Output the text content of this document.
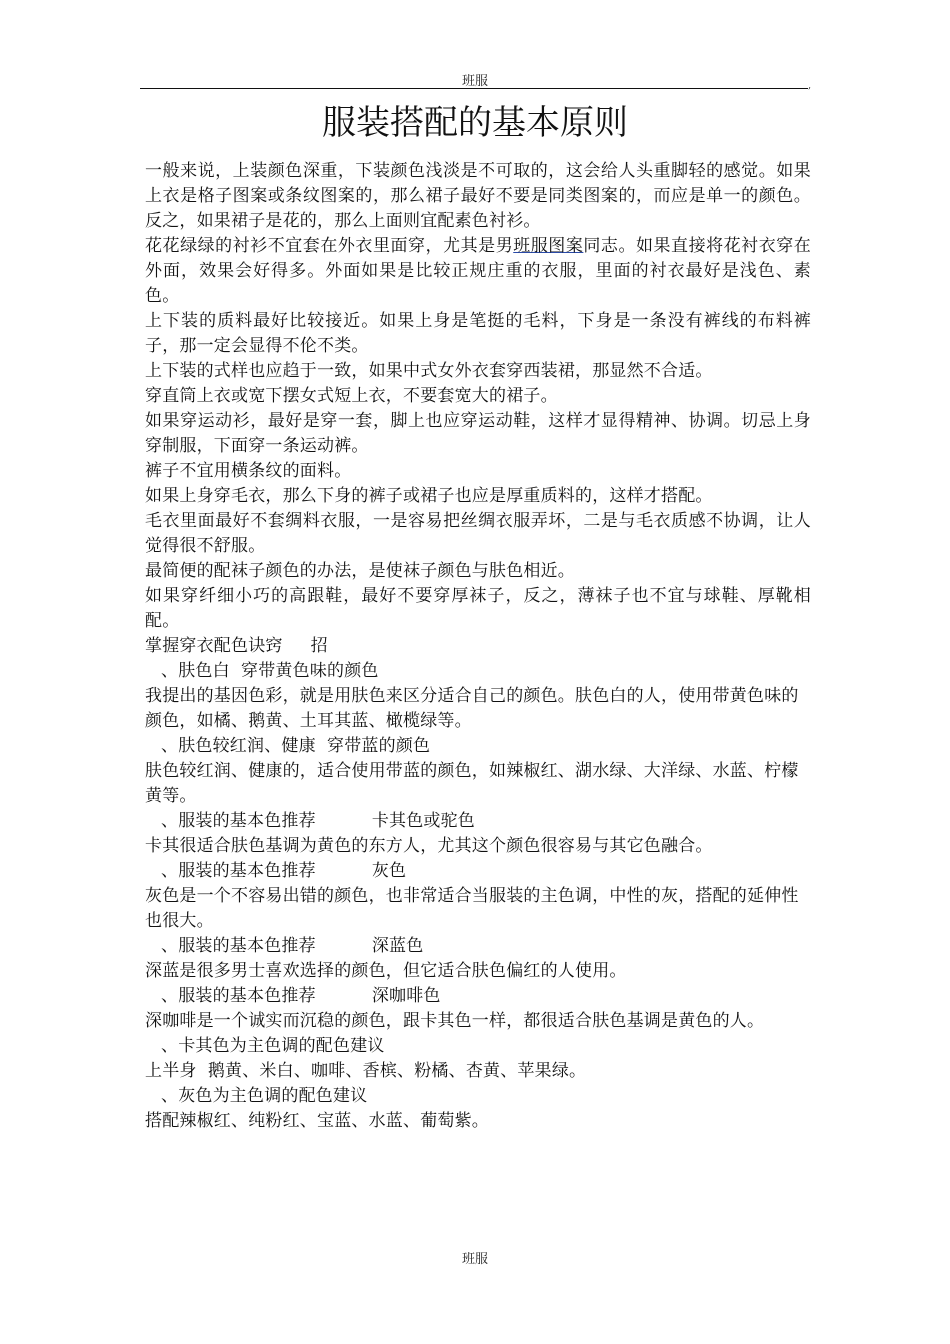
班服	,
服装搭配的基本原则

一般来说，上装颜色深重，下装颜色浅淡是不可取的，这会给人头重脚轻的感觉。如果上衣是格子图案或条纹图案的，那么裙子最好不要是同类图案的，而应是单一的颜色。反之，如果裙子是花的，那么上面则宜配素色衬衫。

花花绿绿的衬衫不宜套在外衣里面穿，尤其是男班服图案同志。如果直接将花衬衣穿在外面，效果会好得多。外面如果是比较正规庄重的衣服，里面的衬衣最好是浅色、素色。

上下装的质料最好比较接近。如果上身是笔挺的毛料，下身是一条没有裤线的布料裤子，那一定会显得不伦不类。

上下装的式样也应趋于一致，如果中式女外衣套穿西装裙，那显然不合适。

穿直筒上衣或宽下摆女式短上衣，不要套宽大的裙子。

如果穿运动衫，最好是穿一套，脚上也应穿运动鞋，这样才显得精神、协调。切忌上身穿制服，下面穿一条运动裤。

裤子不宜用横条纹的面料。

如果上身穿毛衣，那么下身的裤子或裙子也应是厚重质料的，这样才搭配。

毛衣里面最好不套绸料衣服，一是容易把丝绸衣服弄坏，二是与毛衣质感不协调，让人觉得很不舒服。

最简便的配袜子颜色的办法，是使袜子颜色与肤色相近。

如果穿纤细小巧的高跟鞋，最好不要穿厚袜子，反之，薄袜子也不宜与球鞋、厚靴相配。

掌握穿衣配色诀窍 招

、肤色白 穿带黄色味的颜色

我提出的基因色彩，就是用肤色来区分适合自己的颜色。肤色白的人，使用带黄色味的

颜色，如橘、鹅黄、土耳其蓝、橄榄绿等。

、肤色较红润、健康 穿带蓝的颜色

肤色较红润、健康的，适合使用带蓝的颜色，如辣椒红、湖水绿、大洋绿、水蓝、柠檬

黄等。

、服装的基本色推荐	卡其色或驼色

卡其很适合肤色基调为黄色的东方人，尤其这个颜色很容易与其它色融合。

、服装的基本色推荐	灰色

灰色是一个不容易出错的颜色，也非常适合当服装的主色调，中性的灰，搭配的延伸性

也很大。

、服装的基本色推荐	深蓝色

深蓝是很多男士喜欢选择的颜色，但它适合肤色偏红的人使用。

、服装的基本色推荐	深咖啡色

深咖啡是一个诚实而沉稳的颜色，跟卡其色一样，都很适合肤色基调是黄色的人。

、卡其色为主色调的配色建议

上半身 鹅黄、米白、咖啡、香槟、粉橘、杏黄、苹果绿。

、灰色为主色调的配色建议

搭配辣椒红、纯粉红、宝蓝、水蓝、葡萄紫。

班服
